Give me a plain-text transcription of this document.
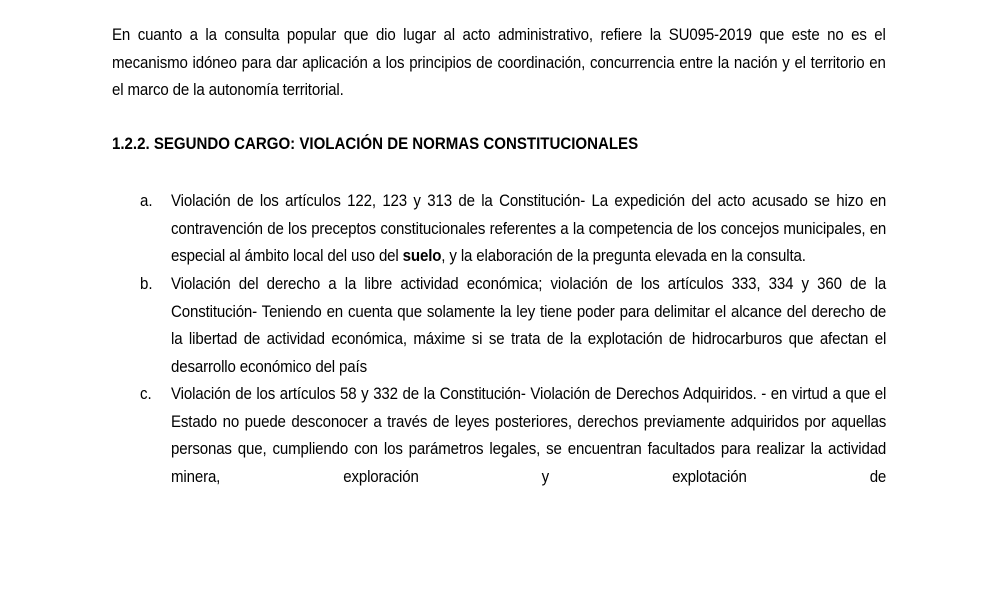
En cuanto a la consulta popular que dio lugar al acto administrativo, refiere la SU095-2019 que este no es el mecanismo idóneo para dar aplicación a los principios de coordinación, concurrencia entre la nación y el territorio en el marco de la autonomía territorial.

1.2.2. SEGUNDO CARGO: VIOLACIÓN DE NORMAS CONSTITUCIONALES
a. Violación de los artículos 122, 123 y 313 de la Constitución- La expedición del acto acusado se hizo en contravención de los preceptos constitucionales referentes a la competencia de los concejos municipales, en especial al ámbito local del uso del suelo, y la elaboración de la pregunta elevada en la consulta.
b. Violación del derecho a la libre actividad económica; violación de los artículos 333, 334 y 360 de la Constitución- Teniendo en cuenta que solamente la ley tiene poder para delimitar el alcance del derecho de la libertad de actividad económica, máxime si se trata de la explotación de hidrocarburos que afectan el desarrollo económico del país
c. Violación de los artículos 58 y 332 de la Constitución- Violación de Derechos Adquiridos. - en virtud a que el Estado no puede desconocer a través de leyes posteriores, derechos previamente adquiridos por aquellas personas que, cumpliendo con los parámetros legales, se encuentran facultados para realizar la actividad minera, exploración y explotación de
